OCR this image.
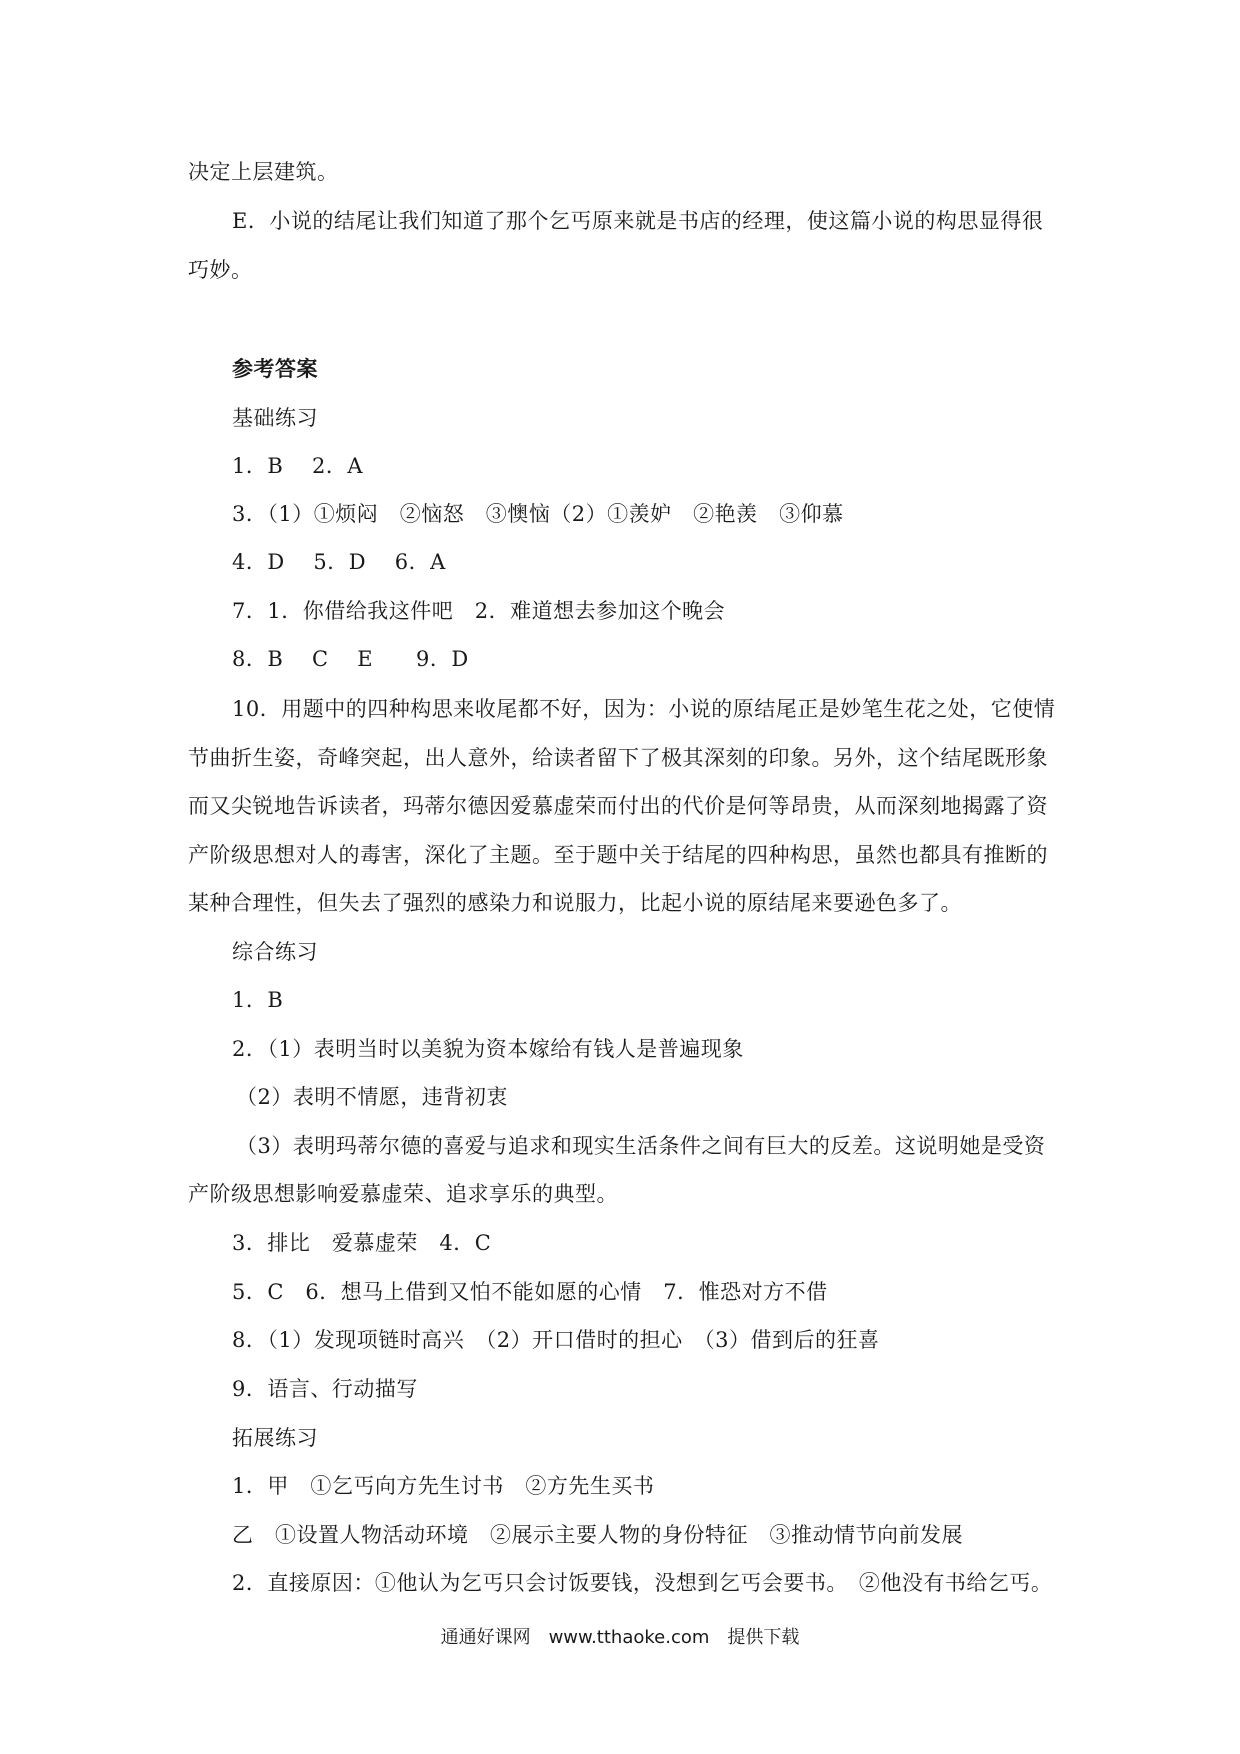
决定上层建筑。
E．小说的结尾让我们知道了那个乞丐原来就是书店的经理，使这篇小说的构思显得很
巧妙。
参考答案
基础练习
1．B　 2．A
3．（1）①烦闷　②恼怒　③懊恼（2）①羡妒　②艳羡　③仰慕
4．D　 5．D　 6．A
7．1．你借给我这件吧　2．难道想去参加这个晚会
8．B　 C　 E　　9．D
10．用题中的四种构思来收尾都不好，因为：小说的原结尾正是妙笔生花之处，它使情
节曲折生姿，奇峰突起，出人意外，给读者留下了极其深刻的印象。另外，这个结尾既形象
而又尖锐地告诉读者，玛蒂尔德因爱慕虚荣而付出的代价是何等昂贵，从而深刻地揭露了资
产阶级思想对人的毒害，深化了主题。至于题中关于结尾的四种构思，虽然也都具有推断的
某种合理性，但失去了强烈的感染力和说服力，比起小说的原结尾来要逊色多了。
综合练习
1．B
2．（1）表明当时以美貌为资本嫁给有钱人是普遍现象
（2）表明不情愿，违背初衷
（3）表明玛蒂尔德的喜爱与追求和现实生活条件之间有巨大的反差。这说明她是受资
产阶级思想影响爱慕虚荣、追求享乐的典型。
3．排比　爱慕虚荣　4．C
5．C　6．想马上借到又怕不能如愿的心情　7．惟恐对方不借
8．（1）发现项链时高兴　（2）开口借时的担心　（3）借到后的狂喜
9．语言、行动描写
拓展练习
1．甲　①乞丐向方先生讨书　②方先生买书
乙　①设置人物活动环境　②展示主要人物的身份特征　③推动情节向前发展
2．直接原因：①他认为乞丐只会讨饭要钱，没想到乞丐会要书。　②他没有书给乞丐。
通通好课网　www.tthaoke.com　提供下载
